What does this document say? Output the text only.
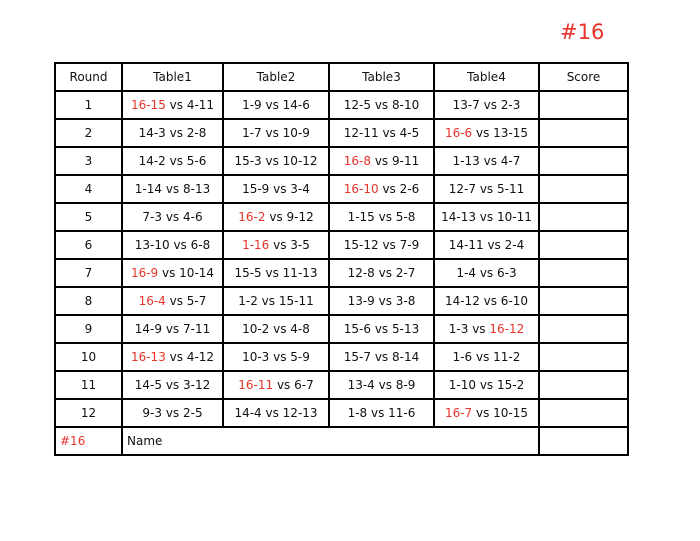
#16
Round	Table1	Table2	Table3	Table4	Score
1	16-15 vs 4-11	1-9 vs 14-6	12-5 vs 8-10	13-7 vs 2-3	
2	14-3 vs 2-8	1-7 vs 10-9	12-11 vs 4-5	16-6 vs 13-15	
3	14-2 vs 5-6	15-3 vs 10-12	16-8 vs 9-11	1-13 vs 4-7	
4	1-14 vs 8-13	15-9 vs 3-4	16-10 vs 2-6	12-7 vs 5-11	
5	7-3 vs 4-6	16-2 vs 9-12	1-15 vs 5-8	14-13 vs 10-11	
6	13-10 vs 6-8	1-16 vs 3-5	15-12 vs 7-9	14-11 vs 2-4	
7	16-9 vs 10-14	15-5 vs 11-13	12-8 vs 2-7	1-4 vs 6-3	
8	16-4 vs 5-7	1-2 vs 15-11	13-9 vs 3-8	14-12 vs 6-10	
9	14-9 vs 7-11	10-2 vs 4-8	15-6 vs 5-13	1-3 vs 16-12	
10	16-13 vs 4-12	10-3 vs 5-9	15-7 vs 8-14	1-6 vs 11-2	
11	14-5 vs 3-12	16-11 vs 6-7	13-4 vs 8-9	1-10 vs 15-2	
12	9-3 vs 2-5	14-4 vs 12-13	1-8 vs 11-6	16-7 vs 10-15	
#16	Name				
